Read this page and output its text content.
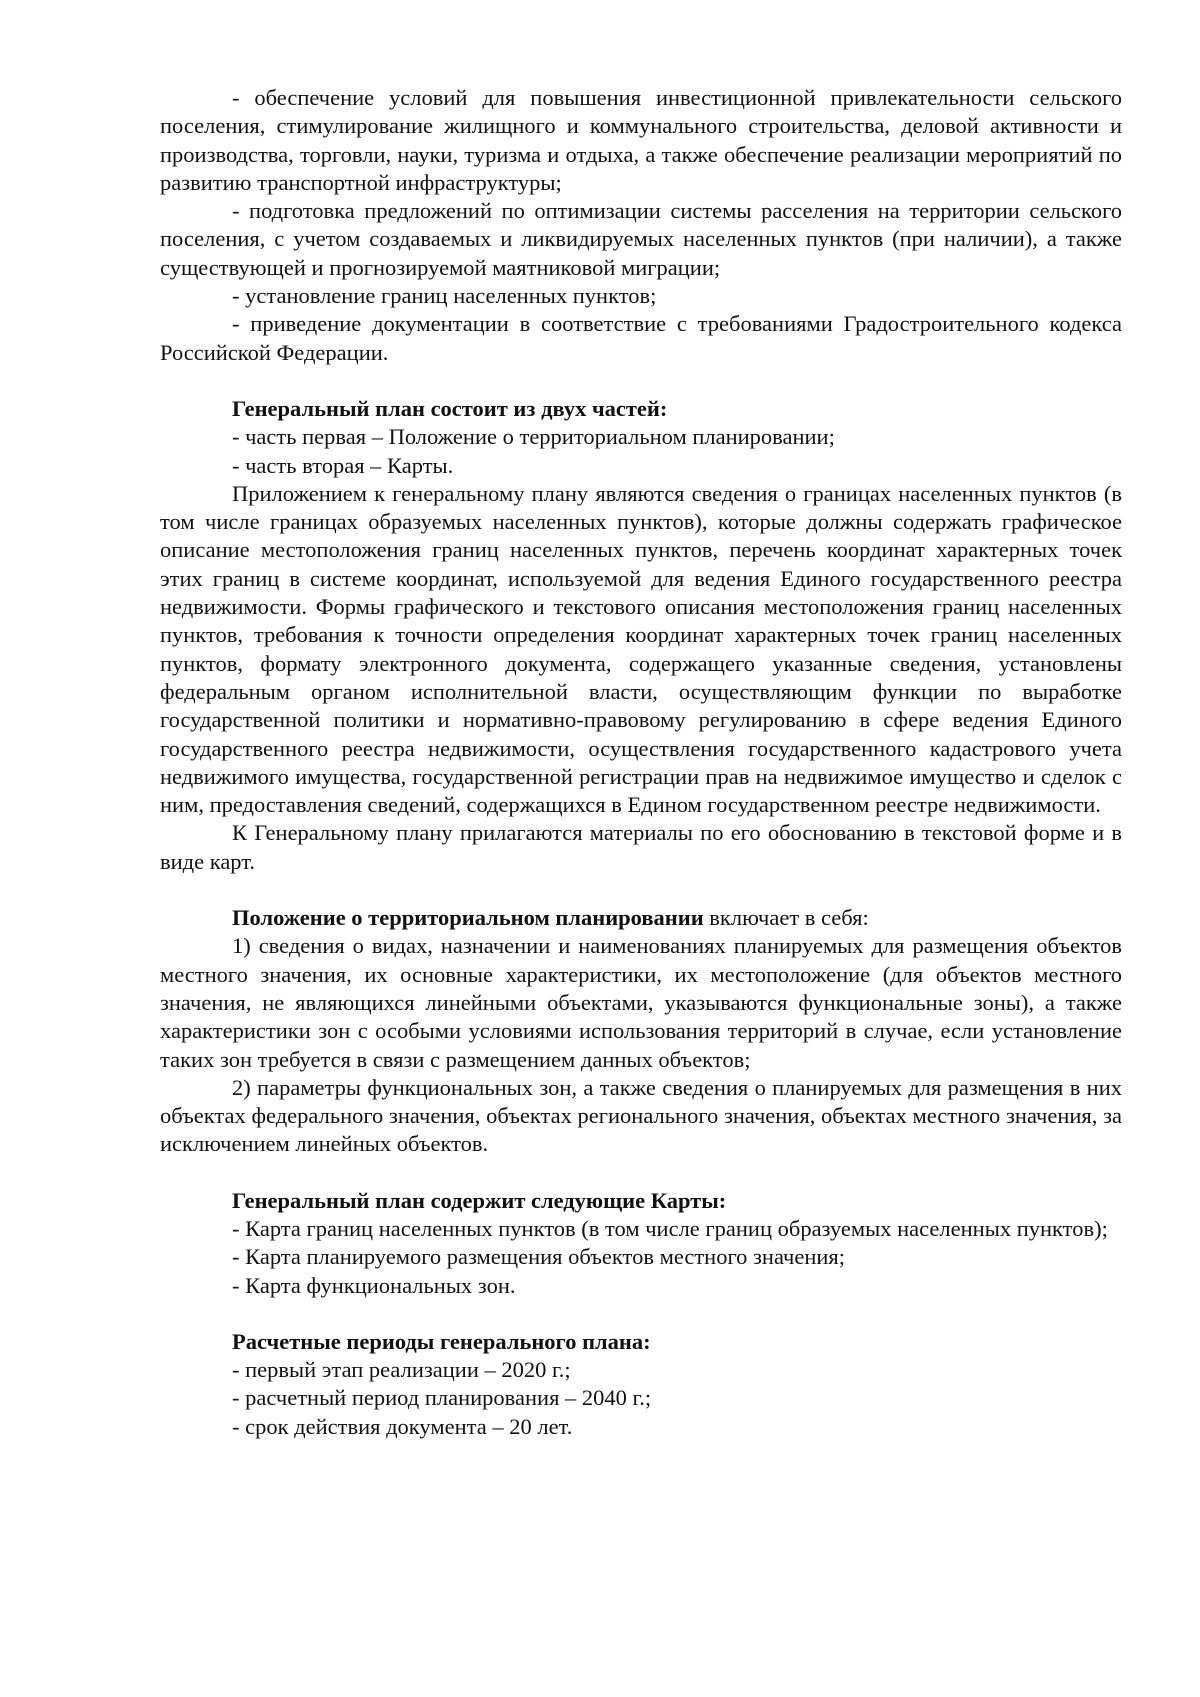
- обеспечение условий для повышения инвестиционной привлекательности сельского поселения, стимулирование жилищного и коммунального строительства, деловой активности и производства, торговли, науки, туризма и отдыха, а также обеспечение реализации мероприятий по развитию транспортной инфраструктуры;

- подготовка предложений по оптимизации системы расселения на территории сельского поселения, с учетом создаваемых и ликвидируемых населенных пунктов (при наличии), а также существующей и прогнозируемой маятниковой миграции;

- установление границ населенных пунктов;

- приведение документации в соответствие с требованиями Градостроительного кодекса Российской Федерации.

Генеральный план состоит из двух частей:

- часть первая – Положение о территориальном планировании;

- часть вторая – Карты.

Приложением к генеральному плану являются сведения о границах населенных пунктов (в том числе границах образуемых населенных пунктов), которые должны содержать графическое описание местоположения границ населенных пунктов, перечень координат характерных точек этих границ в системе координат, используемой для ведения Единого государственного реестра недвижимости. Формы графического и текстового описания местоположения границ населенных пунктов, требования к точности определения координат характерных точек границ населенных пунктов, формату электронного документа, содержащего указанные сведения, установлены федеральным органом исполнительной власти, осуществляющим функции по выработке государственной политики и нормативно-правовому регулированию в сфере ведения Единого государственного реестра недвижимости, осуществления государственного кадастрового учета недвижимого имущества, государственной регистрации прав на недвижимое имущество и сделок с ним, предоставления сведений, содержащихся в Едином государственном реестре недвижимости.

К Генеральному плану прилагаются материалы по его обоснованию в текстовой форме и в виде карт.

Положение о территориальном планировании включает в себя:

1) сведения о видах, назначении и наименованиях планируемых для размещения объектов местного значения, их основные характеристики, их местоположение (для объектов местного значения, не являющихся линейными объектами, указываются функциональные зоны), а также характеристики зон с особыми условиями использования территорий в случае, если установление таких зон требуется в связи с размещением данных объектов;

2) параметры функциональных зон, а также сведения о планируемых для размещения в них объектах федерального значения, объектах регионального значения, объектах местного значения, за исключением линейных объектов.

Генеральный план содержит следующие Карты:

- Карта границ населенных пунктов (в том числе границ образуемых населенных пунктов);

- Карта планируемого размещения объектов местного значения;

- Карта функциональных зон.

Расчетные периоды генерального плана:

- первый этап реализации – 2020 г.;

- расчетный период планирования – 2040 г.;

- срок действия документа – 20 лет.
